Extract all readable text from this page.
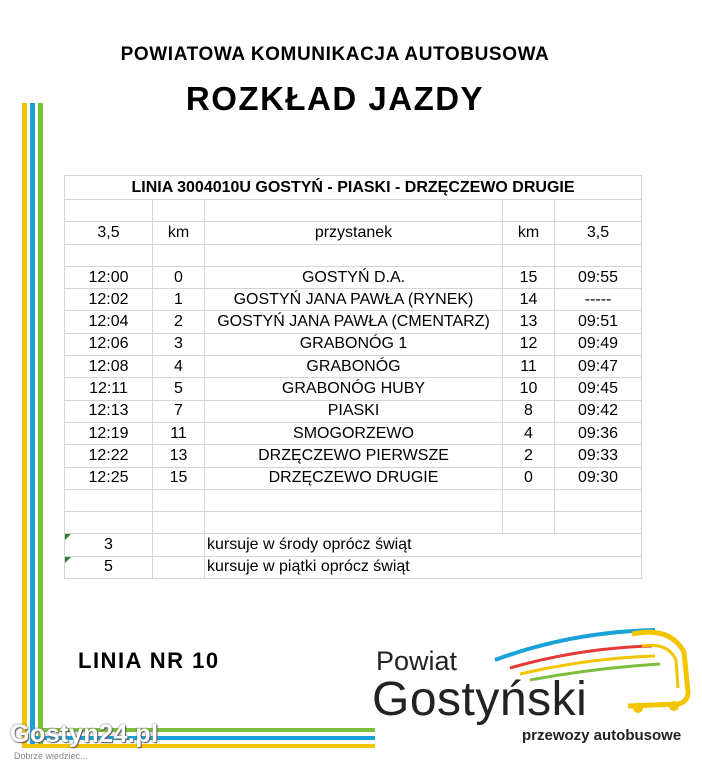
POWIATOWA KOMUNIKACJA AUTOBUSOWA
ROZKŁAD JAZDY
LINIA 3004010U GOSTYŃ - PIASKI - DRZĘCZEWO DRUGIE				

3,5	km	przystanek	km	3,5

12:00	0	GOSTYŃ D.A.	15	09:55
12:02	1	GOSTYŃ JANA PAWŁA (RYNEK)	14	-----
12:04	2	GOSTYŃ JANA PAWŁA (CMENTARZ)	13	09:51
12:06	3	GRABONÓG 1	12	09:49
12:08	4	GRABONÓG	11	09:47
12:11	5	GRABONÓG HUBY	10	09:45
12:13	7	PIASKI	8	09:42
12:19	11	SMOGORZEWO	4	09:36
12:22	13	DRZĘCZEWO PIERWSZE	2	09:33
12:25	15	DRZĘCZEWO DRUGIE	0	09:30

3		kursuje w środy oprócz świąt		
5		kursuje w piątki oprócz świąt		
LINIA NR 10	Powiat
Gostyński
przewozy autobusowe
Gostyn24.pl
Dobrze wiedzieć...
